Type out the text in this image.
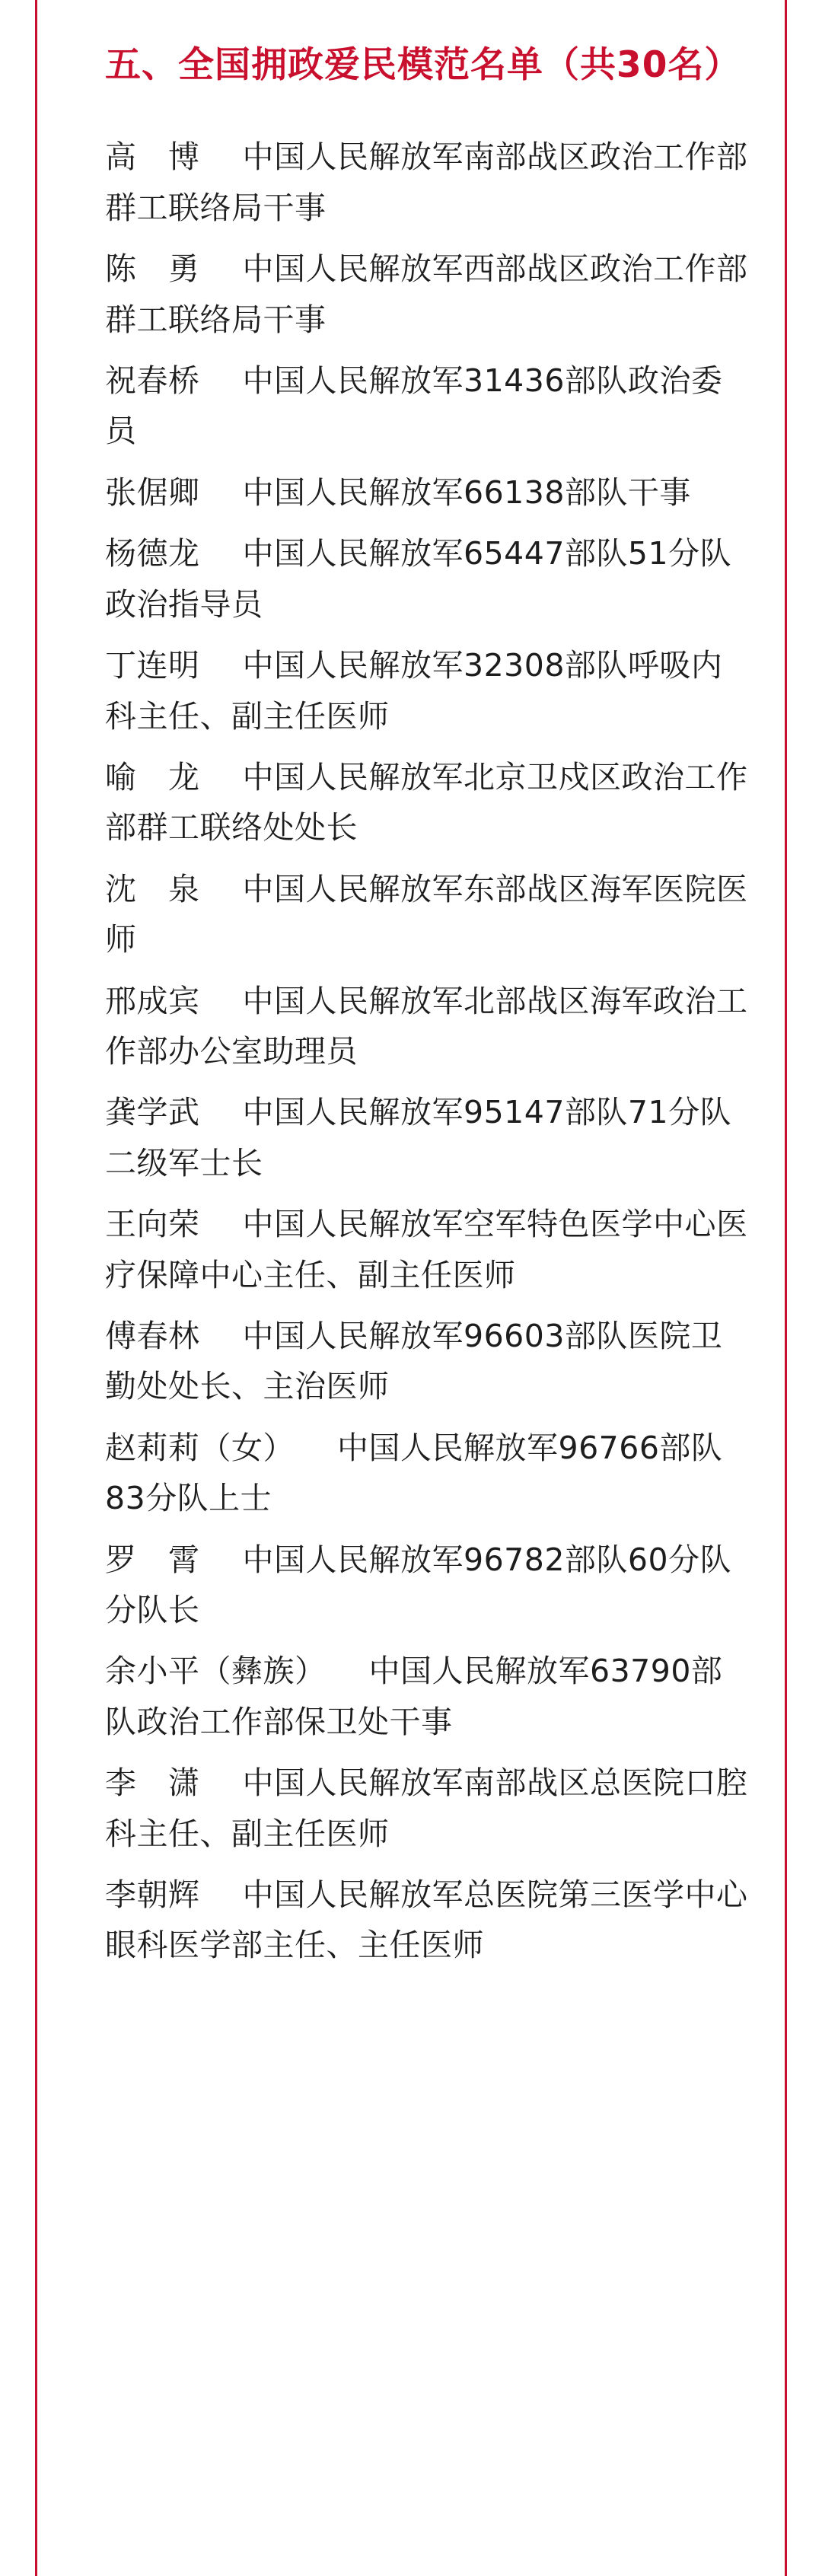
五、全国拥政爱民模范名单（共30名）
高　博 中国人民解放军南部战区政治工作部群工联络局干事
陈　勇 中国人民解放军西部战区政治工作部群工联络局干事
祝春桥 中国人民解放军31436部队政治委员
张倨卿 中国人民解放军66138部队干事
杨德龙 中国人民解放军65447部队51分队政治指导员
丁连明 中国人民解放军32308部队呼吸内科主任、副主任医师
喻　龙 中国人民解放军北京卫戍区政治工作部群工联络处处长
沈　泉 中国人民解放军东部战区海军医院医师
邢成宾 中国人民解放军北部战区海军政治工作部办公室助理员
龚学武 中国人民解放军95147部队71分队二级军士长
王向荣 中国人民解放军空军特色医学中心医疗保障中心主任、副主任医师
傅春林 中国人民解放军96603部队医院卫勤处处长、主治医师
赵莉莉（女） 中国人民解放军96766部队83分队上士
罗　霄 中国人民解放军96782部队60分队分队长
余小平（彝族） 中国人民解放军63790部队政治工作部保卫处干事
李　潇 中国人民解放军南部战区总医院口腔科主任、副主任医师
李朝辉 中国人民解放军总医院第三医学中心眼科医学部主任、主任医师
